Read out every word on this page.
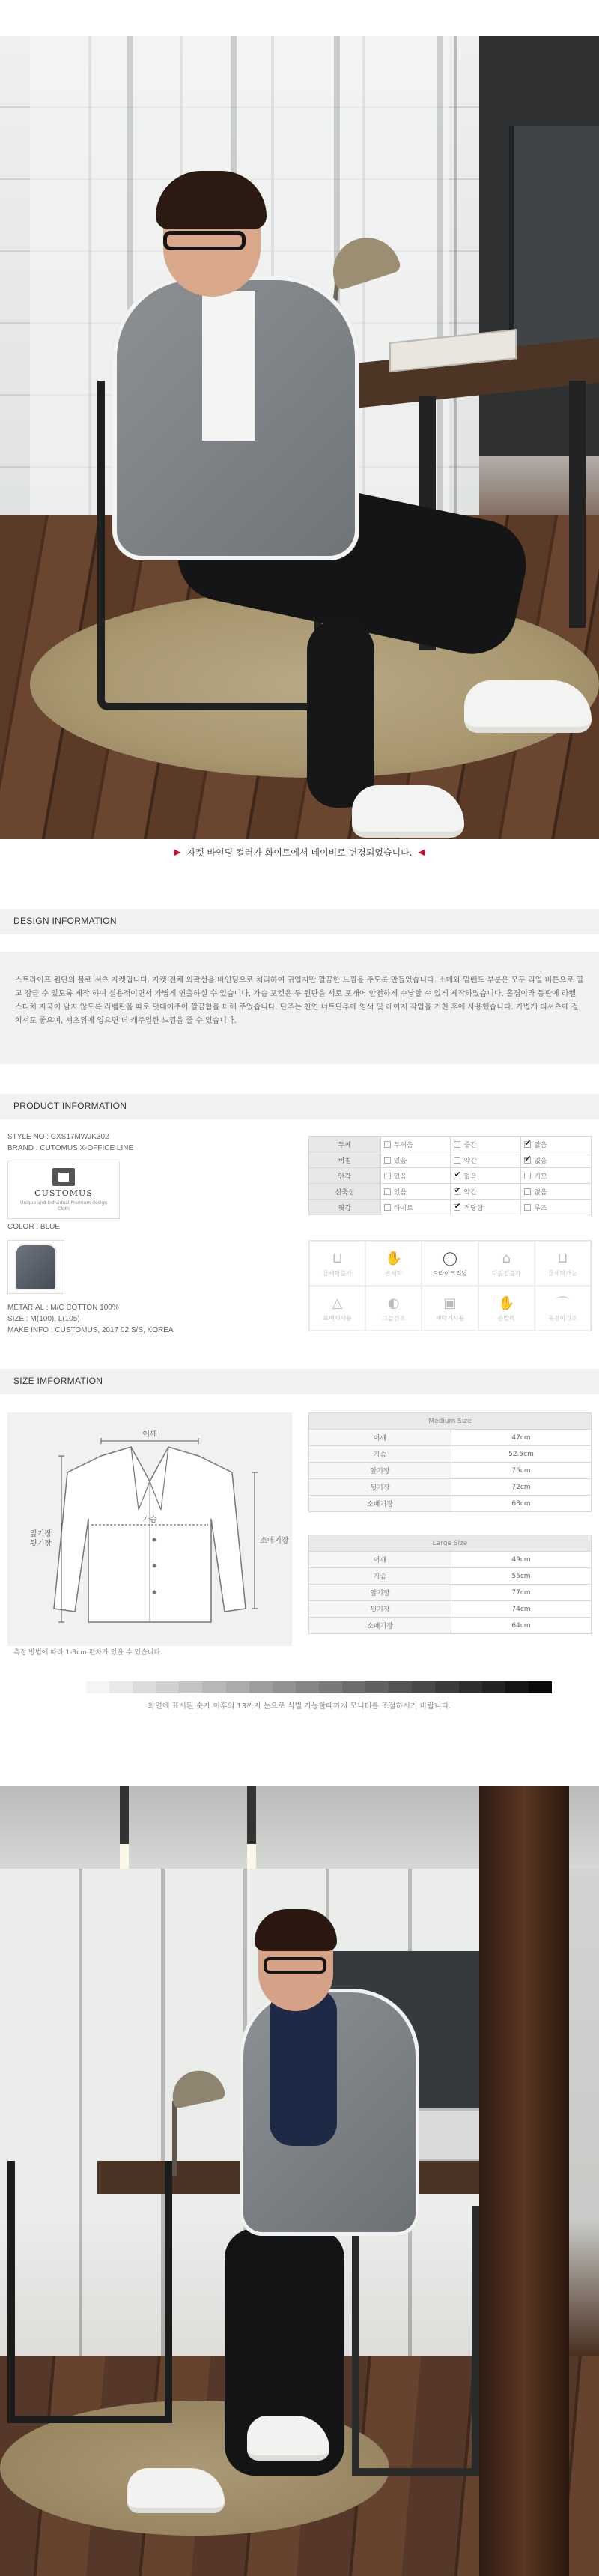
▶ 자켓 바인딩 컬러가 화이트에서 네이비로 변경되었습니다. ◀
DESIGN INFORMATION

스트라이프 원단의 블랙 셔츠 자켓입니다. 자켓 전체 외곽선을 바인딩으로 처리하여 귀엽지만 깔끔한 느낌을 주도록 만들었습니다. 소매와 밑밴드 부분은 모두 리얼 버튼으로 열고 잠글 수 있도록 제작 하여 실용적이면서 가볍게 연출하실 수 있습니다. 가슴 포켓은 두 원단을 서로 포개어 안전하게 수납할 수 있게 제작하였습니다. 홀겹이라 등판에 라벨 스티치 자국이 남지 않도록 라벨판을 따로 덧대어주어 깔끔함을 더해 주었습니다. 단추는 천연 너트단추에 염색 및 레이저 작업을 거친 후에 사용했습니다. 가볍게 티셔츠에 걸치셔도 좋으며, 셔츠위에 입으면 더 캐주얼한 느낌을 줄 수 있습니다.

PRODUCT INFORMATION
STYLE NO : CXS17MWJK302
BRAND : CUTOMUS X-OFFICE LINE
CUSTOMUS
Unique and Individual Premium design Cloth
COLOR : BLUE
METARIAL : M/C COTTON 100%
SIZE : M(100), L(105)
MAKE INFO : CUSTOMUS, 2017 02 S/S, KOREA
두께	두꺼움	중간	✔얇음
비침	있음	약간	✔없음
안감	있음	✔없음	기모
신축성	있음	✔약간	없음
핏감	타이트	✔적당함	루즈
⊔
물세탁불가
✋
손세탁
◯
드라이크리닝
⌂
다림질불가
⊔
물세탁가능
△
표백제사용
◐
그늘건조
▣
세탁기사용
✋
손빨래
⌒
옷걸이건조
SIZE IMFORMATION
어깨
가슴
소매기장
앞기장 뒷기장
측정 방법에 따라 1-3cm 편차가 있을 수 있습니다.
Medium Size	
어깨	47cm
가슴	52.5cm
앞기장	75cm
뒷기장	72cm
소매기장	63cm
Large Size	
어깨	49cm
가슴	55cm
앞기장	77cm
뒷기장	74cm
소매기장	64cm
화면에 표시된 숫자 이후의 13까지 눈으로 식별 가능할때까지 모니터를 조절하시기 바랍니다.
